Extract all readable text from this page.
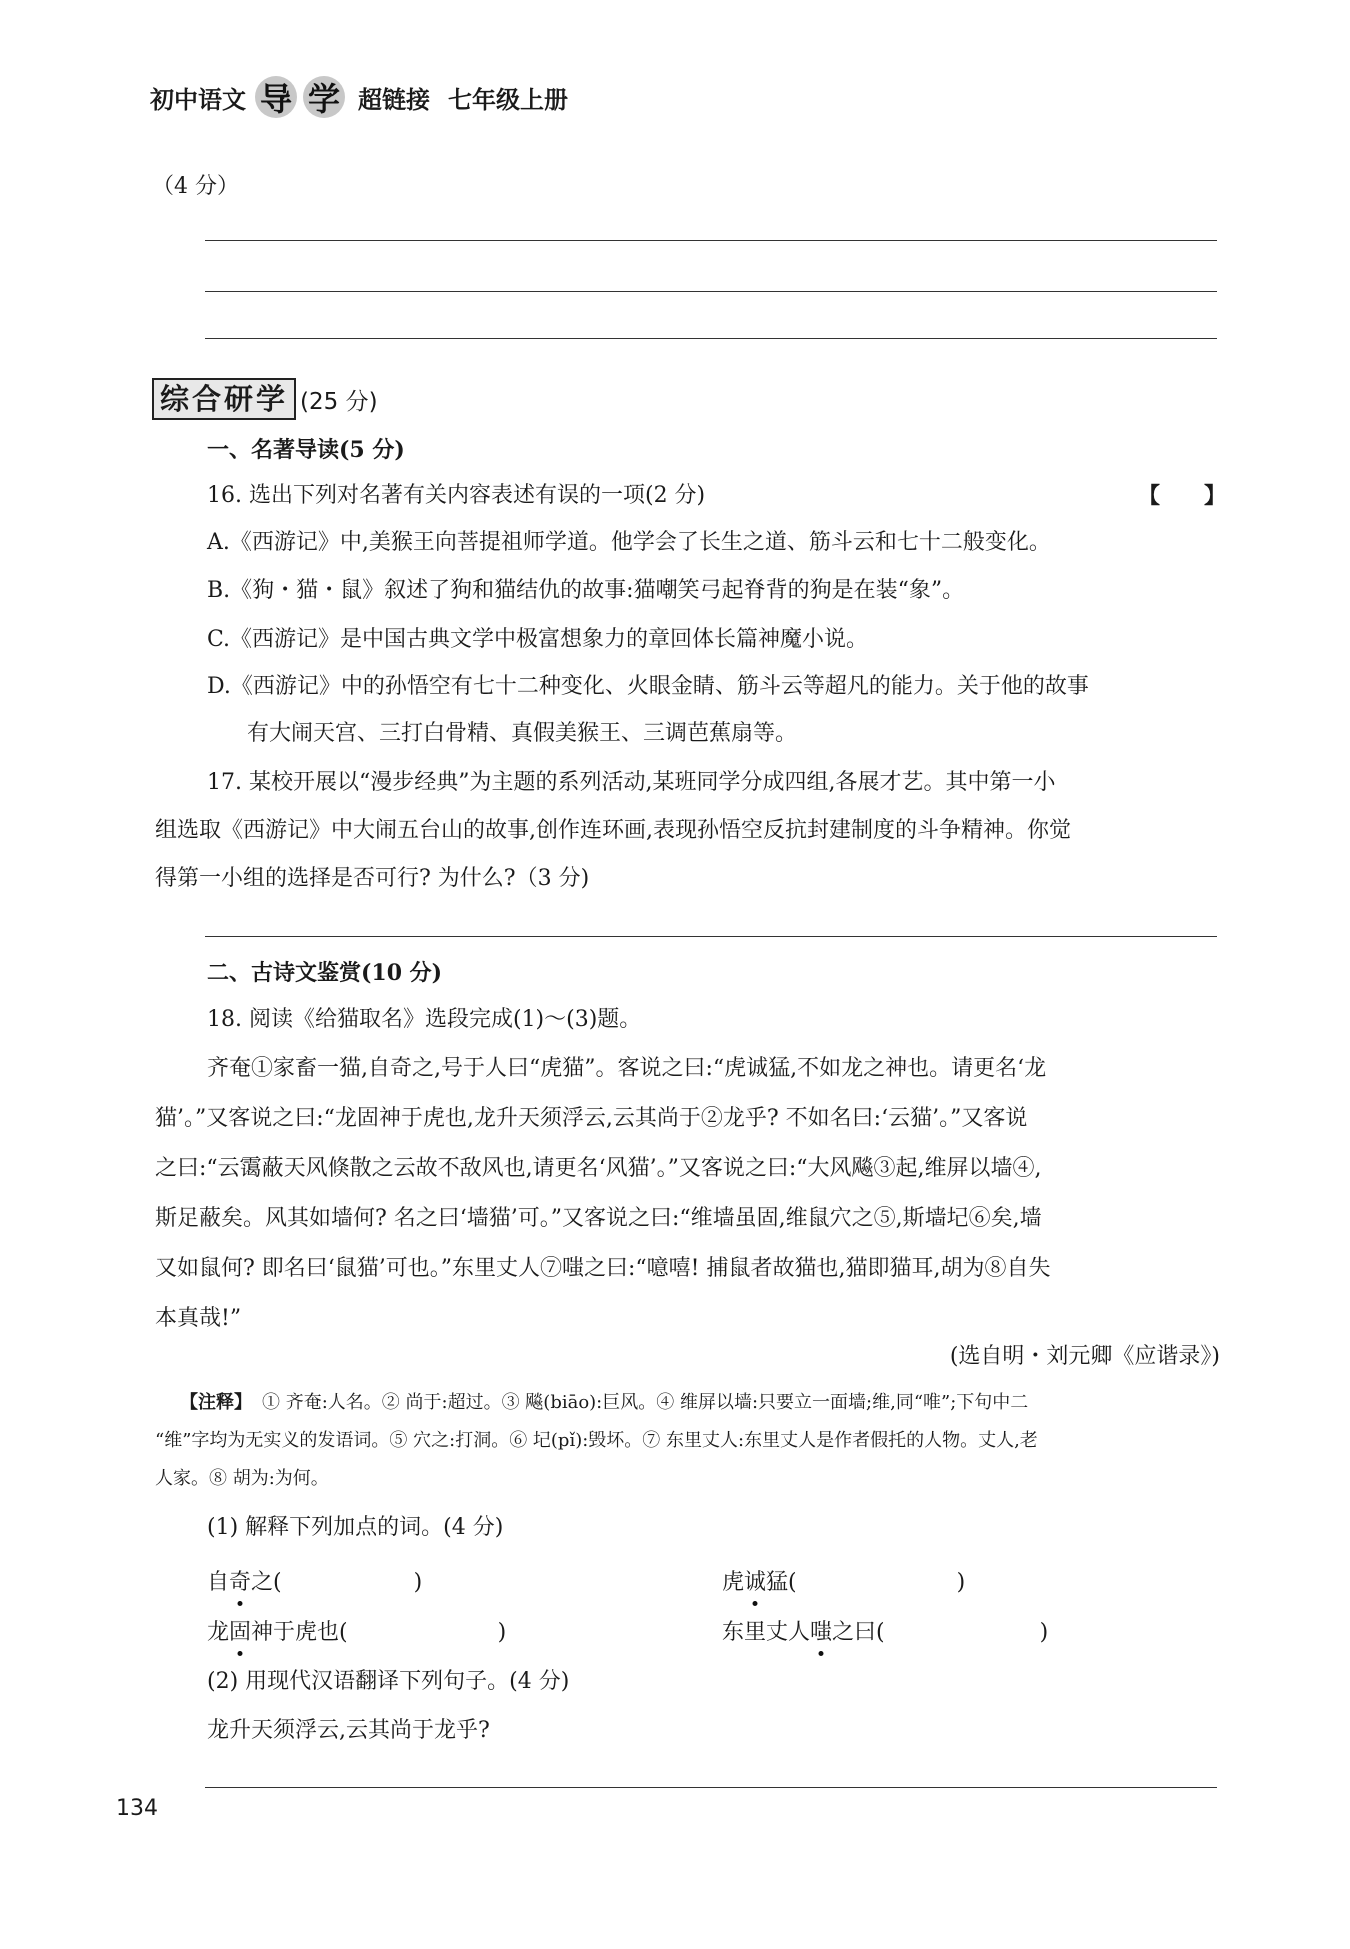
初中语文 导 学 超链接 七年级上册
（4 分）
综合研学 (25 分)
一、名著导读(5 分)
16. 选出下列对名著有关内容表述有误的一项(2 分)	【　　】
A.《西游记》中,美猴王向菩提祖师学道。他学会了长生之道、筋斗云和七十二般变化。
B.《狗・猫・鼠》叙述了狗和猫结仇的故事:猫嘲笑弓起脊背的狗是在装“象”。
C.《西游记》是中国古典文学中极富想象力的章回体长篇神魔小说。
D.《西游记》中的孙悟空有七十二种变化、火眼金睛、筋斗云等超凡的能力。关于他的故事
有大闹天宫、三打白骨精、真假美猴王、三调芭蕉扇等。
17. 某校开展以“漫步经典”为主题的系列活动,某班同学分成四组,各展才艺。其中第一小
组选取《西游记》中大闹五台山的故事,创作连环画,表现孙悟空反抗封建制度的斗争精神。你觉
得第一小组的选择是否可行? 为什么?（3 分)
二、古诗文鉴赏(10 分)
18. 阅读《给猫取名》选段完成(1)～(3)题。
齐奄①家畜一猫,自奇之,号于人曰“虎猫”。客说之曰:“虎诚猛,不如龙之神也。请更名‘龙
猫’。”又客说之曰:“龙固神于虎也,龙升天须浮云,云其尚于②龙乎? 不如名曰:‘云猫’。”又客说
之曰:“云霭蔽天风倏散之云故不敌风也,请更名‘风猫’。”又客说之曰:“大风飚③起,维屏以墙④,
斯足蔽矣。风其如墙何? 名之曰‘墙猫’可。”又客说之曰:“维墙虽固,维鼠穴之⑤,斯墙圮⑥矣,墙
又如鼠何? 即名曰‘鼠猫’可也。”东里丈人⑦嗤之曰:“噫嘻! 捕鼠者故猫也,猫即猫耳,胡为⑧自失
本真哉!”
(选自明・刘元卿《应谐录》)
【注释】 ① 齐奄:人名。② 尚于:超过。③ 飚(biāo):巨风。④ 维屏以墙:只要立一面墙;维,同“唯”;下句中二
“维”字均为无实义的发语词。⑤ 穴之:打洞。⑥ 圮(pǐ):毁坏。⑦ 东里丈人:东里丈人是作者假托的人物。丈人,老
人家。⑧ 胡为:为何。
(1) 解释下列加点的词。(4 分)
自奇之(	)	虎诚猛(	)
龙固神于虎也(	)	东里丈人嗤之曰(	)
(2) 用现代汉语翻译下列句子。(4 分)
龙升天须浮云,云其尚于龙乎?
134
